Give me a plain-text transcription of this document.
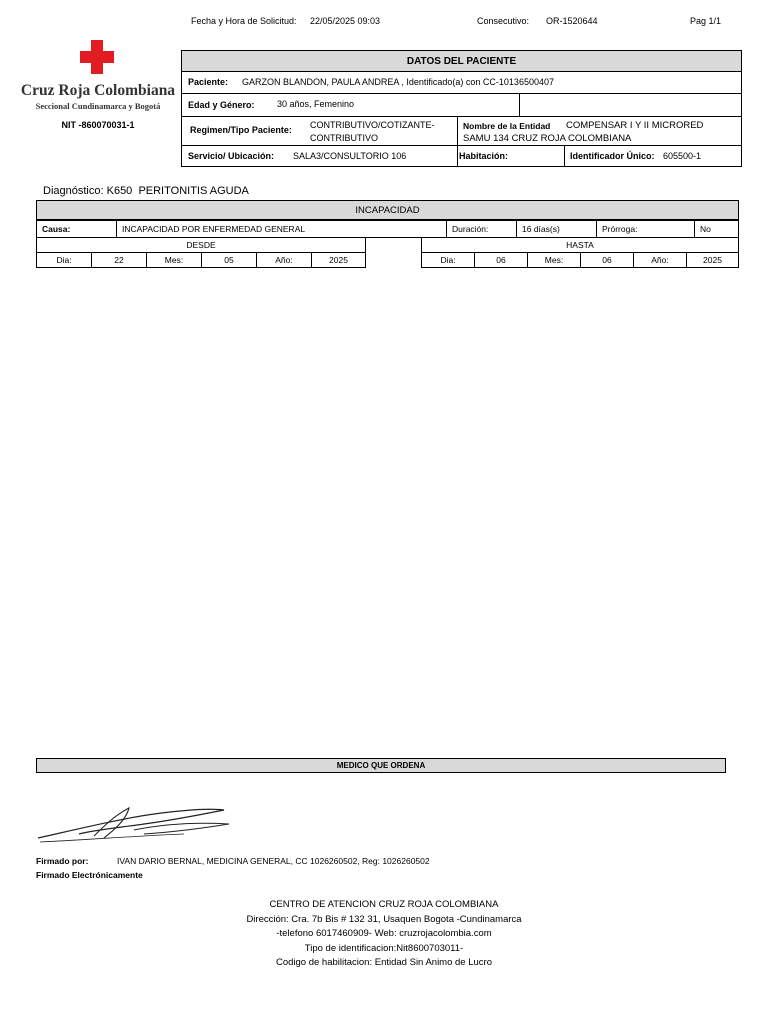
Fecha y Hora de Solicitud: 22/05/2025 09:03	Consecutivo: OR-1520644	Pag 1/1
Cruz Roja Colombiana
Seccional Cundinamarca y Bogotá
NIT -860070031-1
DATOS DEL PACIENTE
Paciente: GARZON BLANDON, PAULA ANDREA , Identificado(a) con CC-10136500407
Edad y Género: 30 años, Femenino
Regimen/Tipo Paciente: CONTRIBUTIVO/COTIZANTE-
CONTRIBUTIVO
Nombre de la Entidad COMPENSAR I Y II MICRORED
SAMU 134 CRUZ ROJA COLOMBIANA
Servicio/ Ubicación: SALA3/CONSULTORIO 106	Habitación:	Identificador Único: 605500-1
Diagnóstico: K650 PERITONITIS AGUDA
INCAPACIDAD
Causa:	INCAPACIDAD POR ENFERMEDAD GENERAL	Duración:	16 días(s)	Prórroga:	No
DESDE
Dia:	22	Mes:	05	Año:	2025
HASTA
Dia:	06	Mes:	06	Año:	2025
MEDICO QUE ORDENA
Firmado por:	IVAN DARIO BERNAL, MEDICINA GENERAL, CC 1026260502, Reg: 1026260502
Firmado Electrónicamente
CENTRO DE ATENCION CRUZ ROJA COLOMBIANA
Dirección: Cra. 7b Bis # 132 31, Usaquen Bogota -Cundinamarca
-telefono 6017460909- Web: cruzrojacolombia.com
Tipo de identificacion:Nit8600703011-
Codigo de habilitacion: Entidad Sin Animo de Lucro
